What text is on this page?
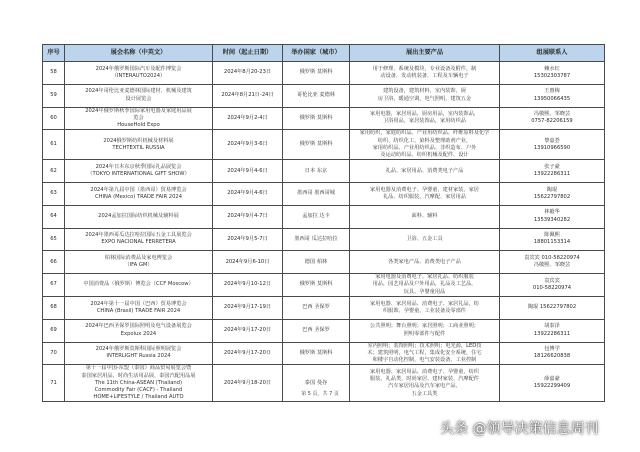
序号	展会名称（中英文）	时间（起止日期）	举办国家（城市）	展出主要产品	组展联系人
58	2024年俄罗斯国际汽车及配件博览会
（INTERAUTO2024）	2024年8月20-23日	俄罗斯 莫斯科	用于修理、系统及模块，专业设备及附件，制
动设备，发动机装备，工程及车辆电子	赖水红
15302303787

59	2024年哥伦比亚麦德林国际建材、机械及建筑
设计展览会	2024年8月21日-24日	哥伦比亚 麦德林	建筑设备，建筑材料，室内装饰，厨
房卫浴，暖通空调，电气照明，建筑五金	王惠梅
13950066435

60	2024年俄罗斯秋季国际家用电器及家庭用品展
览会
HouseHold Expo	2024年9月2-4日	俄罗斯 莫斯科	家用电器，家居用品，厨房用品，室内装饰品，
卫浴用品，家居装饰品，家用纺织品	冯敬熙、邹晓芸
0757-82206159

61	2024俄罗斯纺织机械及材料展
TECHTEXTIL RUSSIA	2024年9月3-6日	俄罗斯 莫斯科	家用纺织，家庭纺织品、产业用纺织品、纤维原料及化学
纺织、纺织化工、染料及整理助剂产业，
家用纺织品、产业用纺织品、非织造布、户外
及运动纺织品、纺织机械及配件、设计	黎嘉荟
13910966590

62	2024年日本东京秋季国际礼品展览会
（TOKYO INTERNATIONAL GIFT SHOW）	2024年9月4-6日	日本 东京	礼品、家居用品、消费类电子产品	张子豪
13922286311

63	2024年第九届中国（墨西哥）贸易博览会
CHINA (Mexico) TRADE FAIR 2024	2024年9月4-6日	墨西哥 墨西哥城	家用电器及消费电子、孕婴童、建材家装、家居
礼品、纺织服装、汽摩配、家居用品	陶琨
15622797802

64	2024孟加拉国际纺织机械及辅料展	2024年9月4-7日	孟加拉 达卡	面料、辅料	林毅华
13539340282

65	2024年墨西哥瓜达拉哈拉国际五金工具展览会
EXPO NACIONAL FERRETERA	2024年9月5-7日	墨西哥 瓜达拉哈拉	卫浴、五金工具	陈佩熙
18801153314

66	柏林国际消费品及家电博览会
（IFA GM）	2024年9月6-10日	德国 柏林	各类家电产品、消费类电子产品	袁宾宾 010-58220974
冯敬熙、邹晓芸

67	中国消费品（俄罗斯）博览会（CCF Moscow）	2024年9月10-12日	俄罗斯 莫斯科	家用电器及消费电子、家居礼品、纺织服装
用品，园艺用品及户外用品，礼品及工艺品，
玩具、孕婴童用品	袁宾宾
010-58220974

68	2024年第十一届中国（巴西）贸易博览会
CHINA (Brasil) TRADE FAIR 2024	2024年9月17-19日	巴西 圣保罗	家用电器、家居用品、消费电子、家居礼品、纺
织服饰、孕婴童、工业装备及零部件	陶琨 15622797802

69	2024年巴西圣保罗国际照明及电气设备展览会
Expolux 2024	2024年9月17-20日	巴西 圣保罗	公共照明；舞台照明；家居照明；工商业照明；
照明零部件与配件	胡泰泽
13922286311

70	2024年俄罗斯莫斯科国际照明展览会
INTERLIGHT Russia 2024	2024年9月17-20日	俄罗斯 莫斯科	室内照明；装饰照明；技术照明；电光源，LED技
术；建筑照明，电气工程，集成化安全系统，住宅
和楼宇自动化控制，电气安装设备，工业控制	包博学
18126620838

71	第十一届中国-东盟（泰国）商品贸易展览会暨
泰国家居用品、时尚生活用品展、泰国汽配用品展
The 11th China-ASEAN (Thailand)
Commodity Fair (CACF) - Thailand
HOME+LIFESTYLE / Thailand AUTO	2024年9月18-20日	泰国 曼谷	家用电器、家居用品、消费电子、孕婴童，纺织
服装、礼品类、时尚家居、建材家装、汽摩配件
汽车家居用品及汽车家电产品、
五金工具类	薛嘉豪
15922299409
第 5 页，共 7 页
头条 @领导决策信息周刊
